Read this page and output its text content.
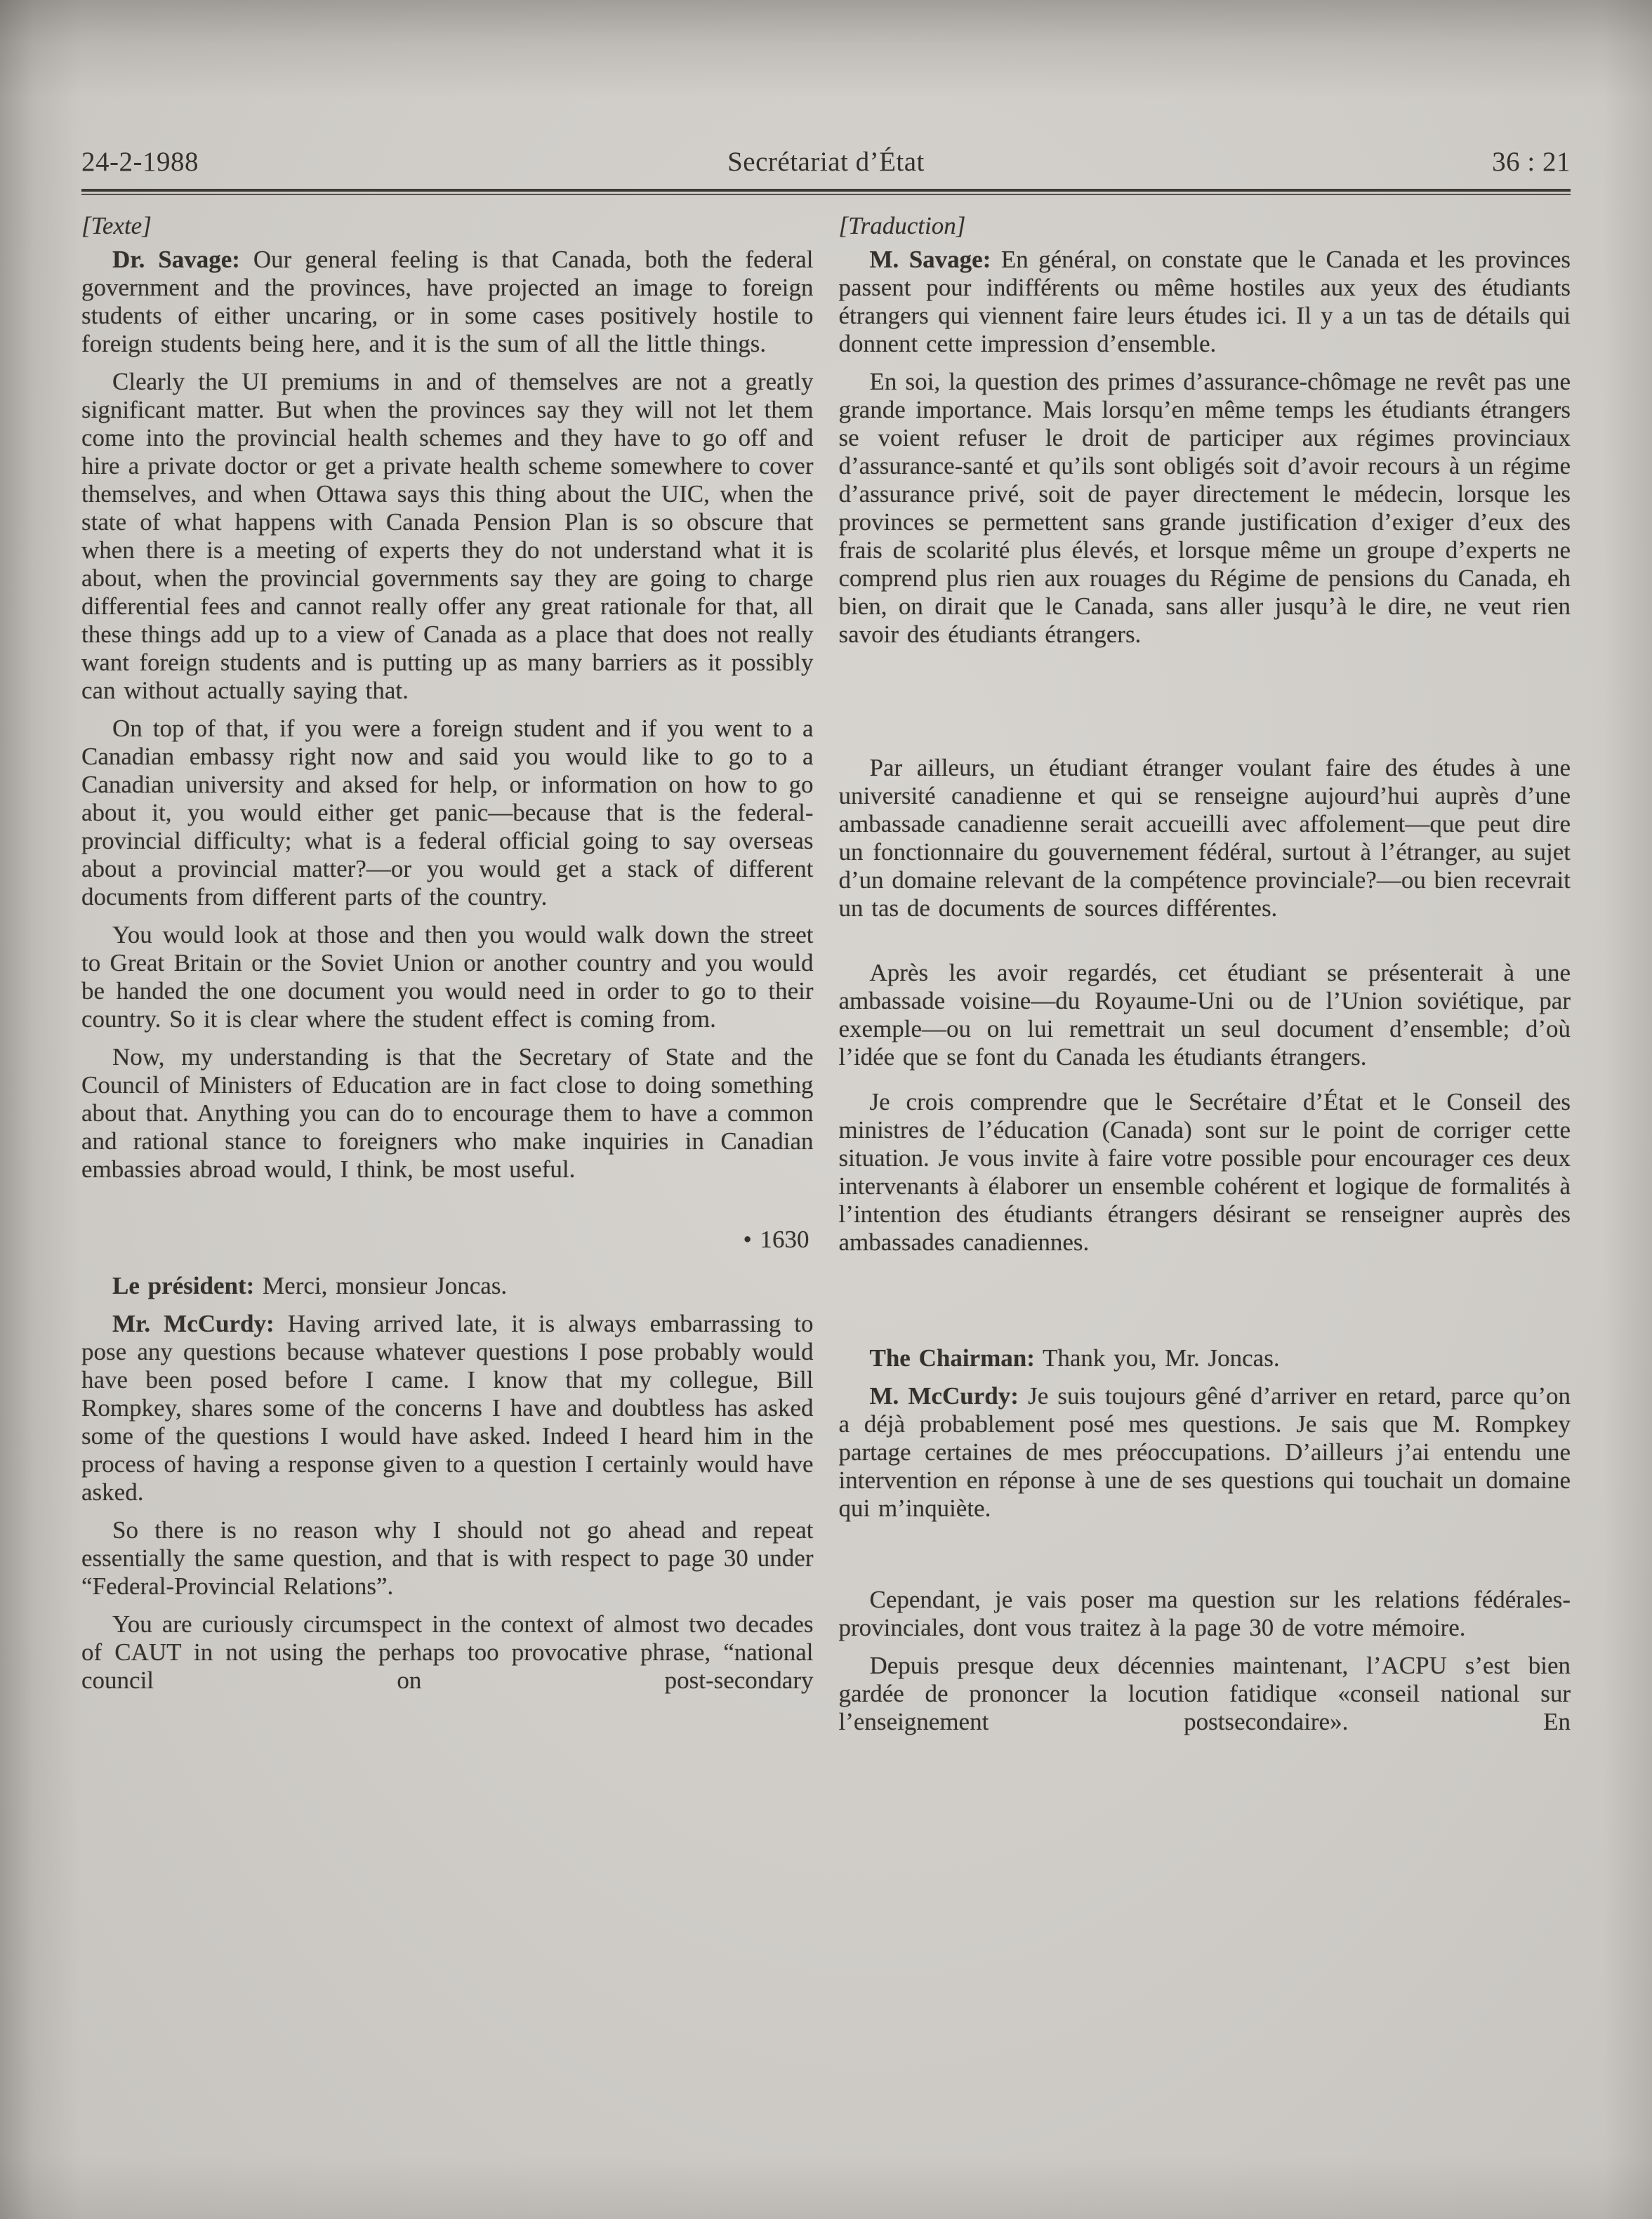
24-2-1988	Secrétariat d’État	36 : 21

[Texte]

Dr. Savage: Our general feeling is that Canada, both the federal government and the provinces, have projected an image to foreign students of either uncaring, or in some cases positively hostile to foreign students being here, and it is the sum of all the little things.

Clearly the UI premiums in and of themselves are not a greatly significant matter. But when the provinces say they will not let them come into the provincial health schemes and they have to go off and hire a private doctor or get a private health scheme somewhere to cover themselves, and when Ottawa says this thing about the UIC, when the state of what happens with Canada Pension Plan is so obscure that when there is a meeting of experts they do not understand what it is about, when the provincial governments say they are going to charge differential fees and cannot really offer any great rationale for that, all these things add up to a view of Canada as a place that does not really want foreign students and is putting up as many barriers as it possibly can without actually saying that.

On top of that, if you were a foreign student and if you went to a Canadian embassy right now and said you would like to go to a Canadian university and aksed for help, or information on how to go about it, you would either get panic—because that is the federal-provincial difficulty; what is a federal official going to say overseas about a provincial matter?—or you would get a stack of different documents from different parts of the country.

You would look at those and then you would walk down the street to Great Britain or the Soviet Union or another country and you would be handed the one document you would need in order to go to their country. So it is clear where the student effect is coming from.

Now, my understanding is that the Secretary of State and the Council of Ministers of Education are in fact close to doing something about that. Anything you can do to encourage them to have a common and rational stance to foreigners who make inquiries in Canadian embassies abroad would, I think, be most useful.

• 1630

Le président: Merci, monsieur Joncas.

Mr. McCurdy: Having arrived late, it is always embarrassing to pose any questions because whatever questions I pose probably would have been posed before I came. I know that my collegue, Bill Rompkey, shares some of the concerns I have and doubtless has asked some of the questions I would have asked. Indeed I heard him in the process of having a response given to a question I certainly would have asked.

So there is no reason why I should not go ahead and repeat essentially the same question, and that is with respect to page 30 under “Federal-Provincial Relations”.

You are curiously circumspect in the context of almost two decades of CAUT in not using the perhaps too provocative phrase, “national council on post-secondary

[Traduction]

M. Savage: En général, on constate que le Canada et les provinces passent pour indifférents ou même hostiles aux yeux des étudiants étrangers qui viennent faire leurs études ici. Il y a un tas de détails qui donnent cette impression d’ensemble.

En soi, la question des primes d’assurance-chômage ne revêt pas une grande importance. Mais lorsqu’en même temps les étudiants étrangers se voient refuser le droit de participer aux régimes provinciaux d’assurance-santé et qu’ils sont obligés soit d’avoir recours à un régime d’assurance privé, soit de payer directement le médecin, lorsque les provinces se permettent sans grande justification d’exiger d’eux des frais de scolarité plus élevés, et lorsque même un groupe d’experts ne comprend plus rien aux rouages du Régime de pensions du Canada, eh bien, on dirait que le Canada, sans aller jusqu’à le dire, ne veut rien savoir des étudiants étrangers.

Par ailleurs, un étudiant étranger voulant faire des études à une université canadienne et qui se renseigne aujourd’hui auprès d’une ambassade canadienne serait accueilli avec affolement—que peut dire un fonctionnaire du gouvernement fédéral, surtout à l’étranger, au sujet d’un domaine relevant de la compétence provinciale?—ou bien recevrait un tas de documents de sources différentes.

Après les avoir regardés, cet étudiant se présenterait à une ambassade voisine—du Royaume-Uni ou de l’Union soviétique, par exemple—ou on lui remettrait un seul document d’ensemble; d’où l’idée que se font du Canada les étudiants étrangers.

Je crois comprendre que le Secrétaire d’État et le Conseil des ministres de l’éducation (Canada) sont sur le point de corriger cette situation. Je vous invite à faire votre possible pour encourager ces deux intervenants à élaborer un ensemble cohérent et logique de formalités à l’intention des étudiants étrangers désirant se renseigner auprès des ambassades canadiennes.

The Chairman: Thank you, Mr. Joncas.

M. McCurdy: Je suis toujours gêné d’arriver en retard, parce qu’on a déjà probablement posé mes questions. Je sais que M. Rompkey partage certaines de mes préoccupations. D’ailleurs j’ai entendu une intervention en réponse à une de ses questions qui touchait un domaine qui m’inquiète.

Cependant, je vais poser ma question sur les relations fédérales-provinciales, dont vous traitez à la page 30 de votre mémoire.

Depuis presque deux décennies maintenant, l’ACPU s’est bien gardée de prononcer la locution fatidique «conseil national sur l’enseignement postsecondaire». En
